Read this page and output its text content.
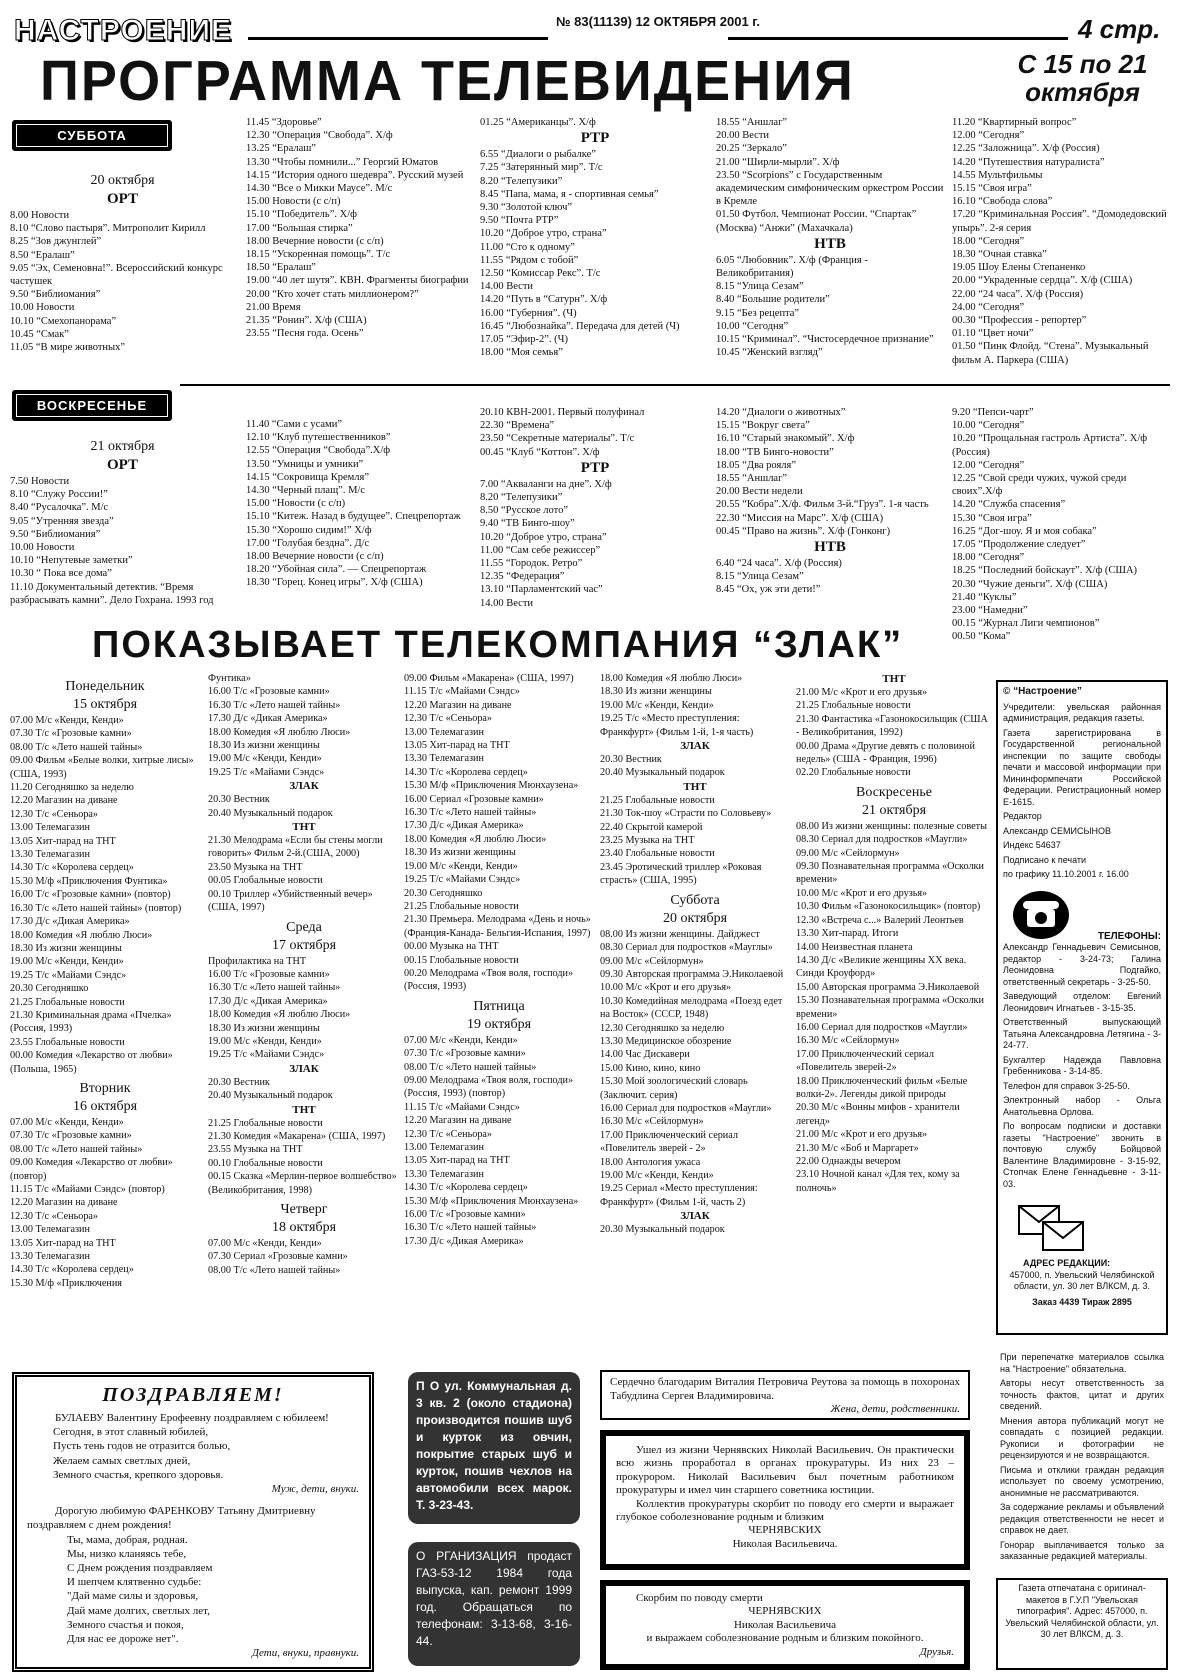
НАСТРОЕНИЕ	№ 83(11139) 12 ОКТЯБРЯ 2001 г.	4 стр.
ПРОГРАММА ТЕЛЕВИДЕНИЯ	С 15 по 21 октября
СУББОТА
20 октября
ОРТ
8.00 Новости
8.10 “Слово пастыря”. Митрополит Кирилл
8.25 “Зов джунглей”
8.50 “Ералаш”
9.05 “Эх, Семеновна!”. Всероссийский конкурс частушек
9.50 “Библиомания”
10.00 Новости
10.10 “Смехопанорама”
10.45 “Смак”
11.05 “В мире животных”
11.45 “Здоровье”
12.30 “Операция “Свобода”. Х/ф
13.25 “Ералаш”
13.30 “Чтобы помнили...” Георгий Юматов
14.15 “История одного шедевра”. Русский музей
14.30 “Все о Микки Маусе”. М/с
15.00 Новости (с с/п)
15.10 “Победитель”. Х/ф
17.00 “Большая стирка”
18.00 Вечерние новости (с с/п)
18.15 “Ускоренная помощь”. Т/с
18.50 “Ералаш”
19.00 “40 лет шутя”. КВН. Фрагменты биографии
20.00 “Кто хочет стать миллионером?”
21.00 Время
21.35 “Ронин”. Х/ф (США)
23.55 “Песня года. Осень”
01.25 “Американцы”. Х/ф
РТР
6.55 “Диалоги о рыбалке”
7.25 “Затерянный мир”. Т/с
8.20 “Телепузики”
8.45 “Папа, мама, я - спортивная семья”
9.30 “Золотой ключ”
9.50 “Почта РТР”
10.20 “Доброе утро, страна”
11.00 “Сто к одному”
11.55 “Рядом с тобой”
12.50 “Комиссар Рекс”. Т/с
14.00 Вести
14.20 “Путь в “Сатурн”. Х/ф
16.00 “Губерния”. (Ч)
16.45 “Любознайка”. Передача для детей (Ч)
17.05 “Эфир-2”. (Ч)
18.00 “Моя семья”
18.55 “Аншлаг”
20.00 Вести
20.25 “Зеркало”
21.00 “Ширли-мырли”. Х/ф
23.50 “Scorpions” с Государственным академическим симфоническим оркестром России в Кремле
01.50 Футбол. Чемпионат России. “Спартак” (Москва) “Анжи” (Махачкала)
НТВ
6.05 “Любовник”. Х/ф (Франция - Великобритания)
8.15 “Улица Сезам”
8.40 “Большие родители”
9.15 “Без рецепта”
10.00 “Сегодня”
10.15 “Криминал”. “Чистосердечное признание”
10.45 “Женский взгляд”
11.20 “Квартирный вопрос”
12.00 “Сегодня”
12.25 “Заложница”. Х/ф (Россия)
14.20 “Путешествия натуралиста”
14.55 Мультфильмы
15.15 “Своя игра”
16.10 “Свобода слова”
17.20 “Криминальная Россия”. “Домодедовский упырь”. 2-я серия
18.00 “Сегодня”
18.30 “Очная ставка”
19.05 Шоу Елены Степаненко
20.00 “Украденные сердца”. Х/ф (США)
22.00 “24 часа”. Х/ф (Россия)
24.00 “Сегодня”
00.30 “Профессия - репортер”
01.10 “Цвет ночи”
01.50 “Пинк Флойд. “Стена”. Музыкальный фильм А. Паркера (США)
ВОСКРЕСЕНЬЕ
21 октября
ОРТ
7.50 Новости
8.10 “Служу России!”
8.40 “Русалочка”. М/с
9.05 “Утренняя звезда”
9.50 “Библиомания”
10.00 Новости
10.10 “Непутевые заметки”
10.30 “ Пока все дома”
11.10 Документальный детектив. “Время разбрасывать камни”. Дело Гохрана. 1993 год
11.40 “Сами с усами”
12.10 “Клуб путешественников”
12.55 “Операция “Свобода”.Х/ф
13.50 “Умницы и умники”
14.15 “Сокровища Кремля”
14.30 “Черный плащ”. М/с
15.00 “Новости (с с/п)
15.10 “Китеж. Назад в будущее”. Спецрепортаж
15.30 “Хорошо сидим!” Х/ф
17.00 “Голубая бездна”. Д/с
18.00 Вечерние новости (с с/п)
18.20 “Убойная сила”. — Спецрепортаж
18.30 “Горец. Конец игры”. Х/ф (США)
20.10 КВН-2001. Первый полуфинал
22.30 “Времена”
23.50 “Секретные материалы”. Т/с
00.45 “Клуб “Коттон”. Х/ф
РТР
7.00 “Акваланги на дне”. Х/ф
8.20 “Телепузики”
8.50 “Русское лото”
9.40 “ТВ Бинго-шоу”
10.20 “Доброе утро, страна”
11.00 “Сам себе режиссер”
11.55 “Городок. Ретро”
12.35 “Федерация”
13.10 “Парламентский час”
14.00 Вести
14.20 “Диалоги о животных”
15.15 “Вокруг света”
16.10 “Старый знакомый”. Х/ф
18.00 “ТВ Бинго-новости”
18.05 “Два рояля”
18.55 “Аншлаг”
20.00 Вести недели
20.55 “Кобра”.Х/ф. Фильм 3-й.“Груз”. 1-я часть
22.30 “Миссия на Марс”. Х/ф (США)
00.45 “Право на жизнь”. Х/ф (Гонконг)
НТВ
6.40 “24 часа”. Х/ф (Россия)
8.15 “Улица Сезам”
8.45 “Ох, уж эти дети!”
9.20 “Пепси-чарт”
10.00 “Сегодня”
10.20 “Прощальная гастроль Артиста”. Х/ф (Россия)
12.00 “Сегодня”
12.25 “Свой среди чужих, чужой среди своих”.Х/ф
14.20 “Служба спасения”
15.30 “Своя игра”
16.25 “Дог-шоу. Я и моя собака”
17.05 “Продолжение следует”
18.00 “Сегодня”
18.25 “Последний бойскаут”. Х/ф (США)
20.30 “Чужие деньги”. Х/ф (США)
21.40 “Куклы”
23.00 “Намедни”
00.15 “Журнал Лиги чемпионов”
00.50 “Кома”
ПОКАЗЫВАЕТ ТЕЛЕКОМПАНИЯ “ЗЛАК”
Понедельник
15 октября
07.00 М/с «Кенди, Кенди»
07.30 Т/с «Грозовые камни»
08.00 Т/с «Лето нашей тайны»
09.00 Фильм «Белые волки, хитрые лисы» (США, 1993)
11.20 Сегодняшко за неделю
12.20 Магазин на диване
12.30 Т/с «Сеньора»
13.00 Телемагазин
13.05 Хит-парад на ТНТ
13.30 Телемагазин
14.30 Т/с «Королева сердец»
15.30 М/ф «Приключения Фунтика»
16.00 Т/с «Грозовые камни» (повтор)
16.30 Т/с «Лето нашей тайны» (повтор)
17.30 Д/с «Дикая Америка»
18.00 Комедия «Я люблю Люси»
18.30 Из жизни женщины
19.00 М/с «Кенди, Кенди»
19.25 Т/с «Майами Сэндс»
20.30 Сегодняшко
21.25 Глобальные новости
21.30 Криминальная драма «Пчелка» (Россия, 1993)
23.55 Глобальные новости
00.00 Комедия «Лекарство от любви» (Польша, 1965)
Вторник
16 октября
07.00 М/с «Кенди, Кенди»
07.30 Т/с «Грозовые камни»
08.00 Т/с «Лето нашей тайны»
09.00 Комедия «Лекарство от любви» (повтор)
11.15 Т/с «Майами Сэндс» (повтор)
12.20 Магазин на диване
12.30 Т/с «Сеньора»
13.00 Телемагазин
13.05 Хит-парад на ТНТ
13.30 Телемагазин
14.30 Т/с «Королева сердец»
15.30 М/ф «Приключения
Фунтика»
16.00 Т/с «Грозовые камни»
16.30 Т/с «Лето нашей тайны»
17.30 Д/с «Дикая Америка»
18.00 Комедия «Я люблю Люси»
18.30 Из жизни женщины
19.00 М/с «Кенди, Кенди»
19.25 Т/с «Майами Сэндс»
ЗЛАК
20.30 Вестник
20.40 Музыкальный подарок
ТНТ
21.30 Мелодрама «Если бы стены могли говорить» Фильм 2-й.(США, 2000)
23.50 Музыка на ТНТ
00.05 Глобальные новости
00.10 Триллер «Убийственный вечер» (США, 1997)
Среда
17 октября
Профилактика на ТНТ
16.00 Т/с «Грозовые камни»
16.30 Т/с «Лето нашей тайны»
17.30 Д/с «Дикая Америка»
18.00 Комедия «Я люблю Люси»
18.30 Из жизни женщины
19.00 М/с «Кенди, Кенди»
19.25 Т/с «Майами Сэндс»
ЗЛАК
20.30 Вестник
20.40 Музыкальный подарок
ТНТ
21.25 Глобальные новости
21.30 Комедия «Макарена» (США, 1997)
23.55 Музыка на ТНТ
00.10 Глобальные новости
00.15 Сказка «Мерлин-первое волшебство» (Великобритания, 1998)
Четверг
18 октября
07.00 М/с «Кенди, Кенди»
07.30 Сериал «Грозовые камни»
08.00 Т/с «Лето нашей тайны»
09.00 Фильм «Макарена» (США, 1997)
11.15 Т/с «Майами Сэндс»
12.20 Магазин на диване
12.30 Т/с «Сеньора»
13.00 Телемагазин
13.05 Хит-парад на ТНТ
13.30 Телемагазин
14.30 Т/с «Королева сердец»
15.30 М/ф «Приключения Мюнхаузена»
16.00 Сериал «Грозовые камни»
16.30 Т/с «Лето нашей тайны»
17.30 Д/с «Дикая Америка»
18.00 Комедия «Я люблю Люси»
18.30 Из жизни женщины
19.00 М/с «Кенди, Кенди»
19.25 Т/с «Майами Сэндс»
20.30 Сегодняшко
21.25 Глобальные новости
21.30 Премьера. Мелодрама «День и ночь» (Франция-Канада- Бельгия-Испания, 1997)
00.00 Музыка на ТНТ
00.15 Глобальные новости
00.20 Мелодрама «Твоя воля, господи» (Россия, 1993)
Пятница
19 октября
07.00 М/с «Кенди, Кенди»
07.30 Т/с «Грозовые камни»
08.00 Т/с «Лето нашей тайны»
09.00 Мелодрама «Твоя воля, господи» (Россия, 1993) (повтор)
11.15 Т/с «Майами Сэндс»
12.20 Магазин на диване
12.30 Т/с «Сеньора»
13.00 Телемагазин
13.05 Хит-парад на ТНТ
13.30 Телемагазин
14.30 Т/с «Королева сердец»
15.30 М/ф «Приключения Мюнхаузена»
16.00 Т/с «Грозовые камни»
16.30 Т/с «Лето нашей тайны»
17.30 Д/с «Дикая Америка»
18.00 Комедия «Я люблю Люси»
18.30 Из жизни женщины
19.00 М/с «Кенди, Кенди»
19.25 Т/с «Место преступления: Франкфурт» (Фильм 1-й, 1-я часть)
ЗЛАК
20.30 Вестник
20.40 Музыкальный подарок
ТНТ
21.25 Глобальные новости
21.30 Ток-шоу «Страсти по Соловьеву»
22.40 Скрытой камерой
23.25 Музыка на ТНТ
23.40 Глобальные новости
23.45 Эротический триллер «Роковая страсть» (США, 1995)
Суббота
20 октября
08.00 Из жизни женщины. Дайджест
08.30 Сериал для подростков «Мауглы»
09.00 М/с «Сейлормун»
09.30 Авторская программа Э.Николаевой
10.00 М/с «Крот и его друзья»
10.30 Комедийная мелодрама «Поезд едет на Восток» (СССР, 1948)
12.30 Сегодняшко за неделю
13.30 Медицинское обозрение
14.00 Час Дискавери
15.00 Кино, кино, кино
15.30 Мой зоологический словарь (Заключит. серия)
16.00 Сериал для подростков «Маугли»
16.30 М/с «Сейлормун»
17.00 Приключенческий сериал «Повелитель зверей - 2»
18.00 Антология ужаса
19.00 М/с «Кенди, Кенди»
19.25 Сериал «Место преступления: Франкфурт» (Фильм 1-й, часть 2)
ЗЛАК
20.30 Музыкальный подарок
ТНТ
21.00 М/с «Крот и его друзья»
21.25 Глобальные новости
21.30 Фантастика «Газонокосильщик (США - Великобритания, 1992)
00.00 Драма «Другие девять с половиной недель» (США - Франция, 1996)
02.20 Глобальные новости
Воскресенье
21 октября
08.00 Из жизни женщины: полезные советы
08.30 Сериал для подростков «Маугли»
09.00 М/с «Сейлормун»
09.30 Познавательная программа «Осколки времени»
10.00 М/с «Крот и его друзья»
10.30 Фильм «Газонокосильщик» (повтор)
12.30 «Встреча с...» Валерий Леонтьев
13.30 Хит-парад. Итоги
14.00 Неизвестная планета
14.30 Д/с «Великие женщины XX века. Синди Кроуфорд»
15.00 Авторская программа Э.Николаевой
15.30 Познавательная программа «Осколки времени»
16.00 Сериал для подростков «Маугли»
16.30 М/с «Сейлормун»
17.00 Приключенческий сериал «Повелитель зверей-2»
18.00 Приключенческий фильм «Белые волки-2». Легенды дикой природы
20.30 М/с «Вонны мифов - хранители легенд»
21.00 М/с «Крот и его друзья»
21.30 М/с «Боб и Маргарет»
22.00 Однажды вечером
23.10 Ночной канал «Для тех, кому за полночь»
© “Настроение”
Учредители: увельская районная администрация, редакция газеты.
Газета зарегистрирована в Государственной региональной инспекции по защите свободы печати и массовой информации при Мининформпечати Российской Федерации. Регистрационный номер Е-1615.
Редактор
Александр СЕМИСЫНОВ
Индекс 54637
Подписано к печати
по графику 11.10.2001 г. 16.00
ТЕЛЕФОНЫ:
Александр Геннадьевич Семисынов, редактор - 3-24-73; Галина Леонидовна Подгайко, ответственный секретарь - 3-25-50.
Заведующий отделом: Евгений Леонидович Игнатьев - 3-15-35.
Ответственный выпускающий Татьяна Александровна Летягина - 3-24-77.
Бухгалтер Надежда Павловна Гребенникова - 3-14-85.
Телефон для справок 3-25-50.
Электронный набор - Ольга Анатольевна Орлова.
По вопросам подписки и доставки газеты "Настроение" звонить в почтовую службу Бойцовой Валентине Владимировне - 3-15-92, Стопчак Елене Геннадьевне - 3-11-03.
АДРЕС РЕДАКЦИИ:
457000, п. Увельский Челябинской области, ул. 30 лет ВЛКСМ, д. 3.
Заказ 4439 Тираж 2895
При перепечатке материалов ссылка на "Настроение" обязательна.
Авторы несут ответственность за точность фактов, цитат и других сведений.
Мнения автора публикаций могут не совпадать с позицией редакции. Рукописи и фотографии не рецензируются и не возвращаются.
Письма и отклики граждан редакция использует по своему усмотрению, анонимные не рассматриваются.
За содержание рекламы и объявлений редакция ответственности не несет и справок не дает.
Гонорар выплачивается только за заказанные редакцией материалы.
Газета отпечатана с оригинал-макетов в Г.У.П "Увельская типография". Адрес: 457000, п. Увельский Челябинской области, ул. 30 лет ВЛКСМ, д. 3.
ПОЗДРАВЛЯЕМ!
БУЛАЕВУ Валентину Ерофеевну поздравляем с юбилеем!
Сегодня, в этот славный юбилей,
Пусть тень годов не отразится болью,
Желаем самых светлых дней,
Земного счастья, крепкого здоровья.
Муж, дети, внуки.
Дорогую любимую ФАРЕНКОВУ Татьяну Дмитриевну поздравляем с днем рождения!
Ты, мама, добрая, родная.
Мы, низко кланяясь тебе,
С Днем рождения поздравляем
И шепчем клятвенно судьбе:
"Дай маме силы и здоровья,
Дай маме долгих, светлых лет,
Земного счастья и покоя,
Для нас ее дороже нет".
Дети, внуки, правнуки.
П О ул. Коммунальная д. 3 кв. 2 (около стадиона) производится пошив шуб и курток из овчин, покрытие старых шуб и курток, пошив чехлов на автомобили всех марок. Т. 3-23-43.
О РГАНИЗАЦИЯ продаст ГАЗ-53-12 1984 года выпуска, кап. ремонт 1999 год. Обращаться по телефонам: 3-13-68, 3-16-44.
Сердечно благодарим Виталия Петровича Реутова за помощь в похоронах Табудлина Сергея Владимировича.
Жена, дети, родственники.
Ушел из жизни Чернявских Николай Васильевич. Он практически всю жизнь проработал в органах прокуратуры. Из них 23 – прокурором. Николай Васильевич был почетным работником прокуратуры и имел чин старшего советника юстиции.
Коллектив прокуратуры скорбит по поводу его смерти и выражает глубокое соболезнование родным и близким
ЧЕРНЯВСКИХ
Николая Васильевича.
Скорбим по поводу смерти
ЧЕРНЯВСКИХ
Николая Васильевича
и выражаем соболезнование родным и близким покойного.
Друзья.
